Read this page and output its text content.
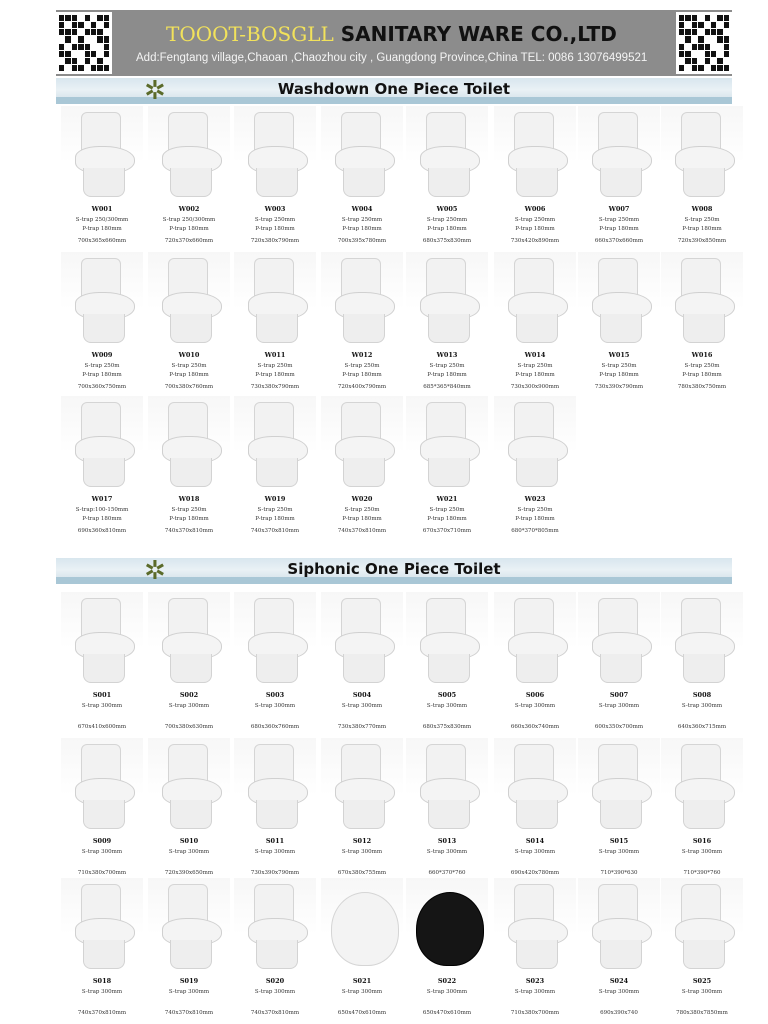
TOOOT-BOSGLL SANITARY WARE CO.,LTD
Add:Fengtang village,Chaoan ,Chaozhou city , Guangdong Province,China TEL: 0086 13076499521
✲	Washdown One Piece Toilet
✲	Siphonic One Piece Toilet
W001
S-trap 250/300mm
P-trap 180mm
700x365x660mm
W002
S-trap 250/300mm
P-trap 180mm
720x370x660mm
W003
S-trap 250mm
P-trap 180mm
720x380x790mm
W004
S-trap 250mm
P-trap 180mm
700x395x780mm
W005
S-trap 250mm
P-trap 180mm
680x375x830mm
W006
S-trap 250mm
P-trap 180mm
730x420x890mm
W007
S-trap 250mm
P-trap 180mm
660x370x660mm
W008
S-trap 250m
P-trap 180mm
720x390x850mm
W009
S-trap 250m
P-trap 180mm
700x360x750mm
W010
S-trap 250m
P-trap 180mm
700x380x760mm
W011
S-trap 250m
P-trap 180mm
730x380x790mm
W012
S-trap 250m
P-trap 180mm
720x400x790mm
W013
S-trap 250m
P-trap 180mm
685*365*840mm
W014
S-trap 250m
P-trap 180mm
730x300x900mm
W015
S-trap 250m
P-trap 180mm
730x390x790mm
W016
S-trap 250m
P-trap 180mm
780x380x750mm
W017
S-trap:100-150mm
P-trap 180mm
690x360x810mm
W018
S-trap 250m
P-trap 180mm
740x370x810mm
W019
S-trap 250m
P-trap 180mm
740x370x810mm
W020
S-trap 250m
P-trap 180mm
740x370x810mm
W021
S-trap 250m
P-trap 180mm
670x370x710mm
W023
S-trap 250m
P-trap 180mm
680*370*805mm
S001
S-trap 300mm
670x410x600mm
S002
S-trap 300mm
700x380x630mm
S003
S-trap 300mm
680x360x760mm
S004
S-trap 300mm
730x380x770mm
S005
S-trap 300mm
680x375x830mm
S006
S-trap 300mm
660x360x740mm
S007
S-trap 300mm
600x350x700mm
S008
S-trap 300mm
640x360x715mm
S009
S-trap 300mm
710x380x700mm
S010
S-trap 300mm
720x390x650mm
S011
S-trap 300mm
730x390x790mm
S012
S-trap 300mm
670x380x755mm
S013
S-trap 300mm
660*370*760
S014
S-trap 300mm
690x420x780mm
S015
S-trap 300mm
710*390*630
S016
S-trap 300mm
710*390*760
S018
S-trap 300mm
740x370x810mm
S019
S-trap 300mm
740x370x810mm
S020
S-trap 300mm
740x370x810mm
S021
S-trap 300mm
650x470x610mm
S022
S-trap 300mm
650x470x610mm
S023
S-trap 300mm
710x380x700mm
S024
S-trap 300mm
690x390x740
S025
S-trap 300mm
780x380x7850mm
